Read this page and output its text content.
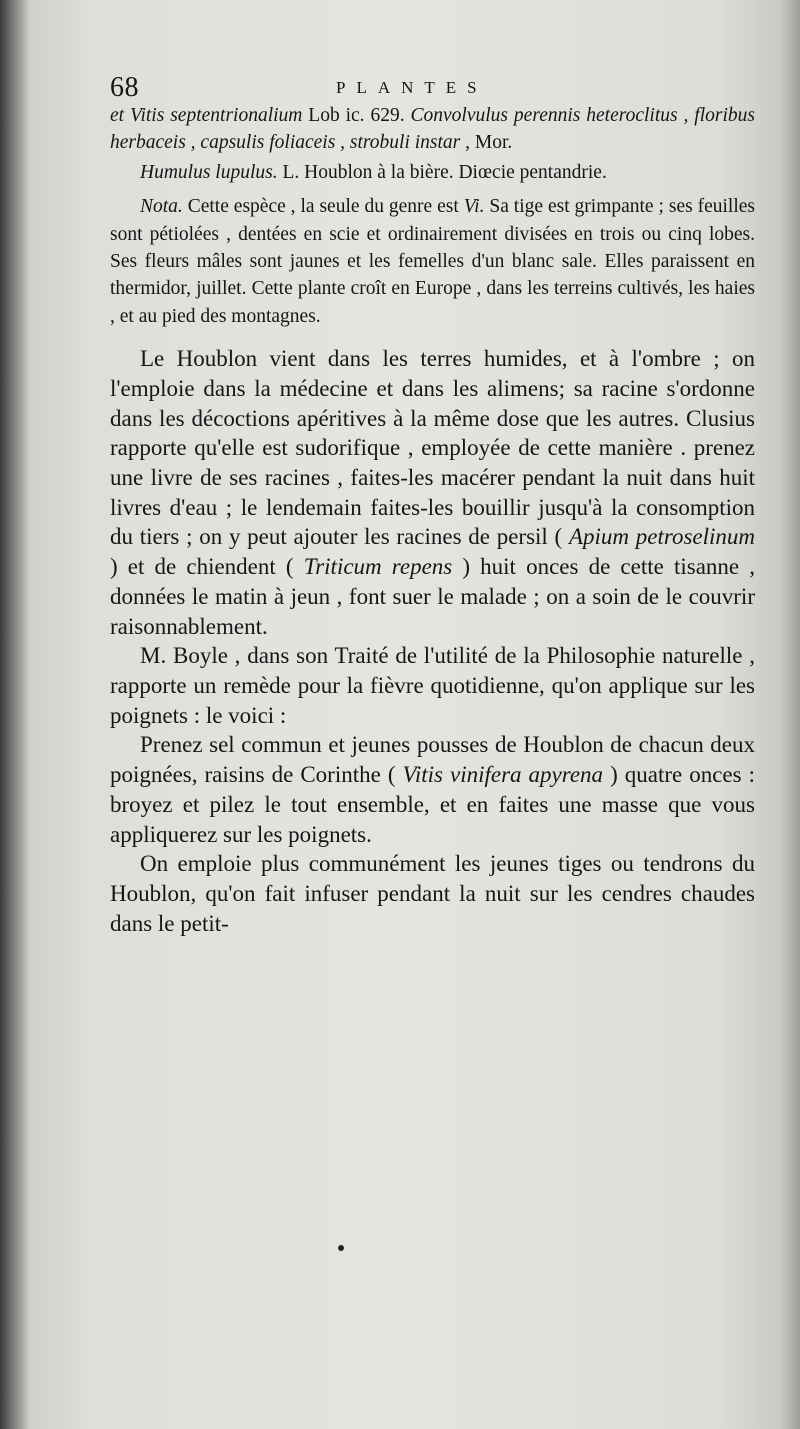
68	PLANTES

et Vitis septentrionalium Lob ic. 629. Convolvulus perennis heteroclitus , floribus herbaceis , capsulis foliaceis , strobuli instar , Mor.

Humulus lupulus. L. Houblon à la bière. Diœcie pentandrie.

Nota. Cette espèce , la seule du genre est Vi. Sa tige est grimpante ; ses feuilles sont pétiolées , dentées en scie et ordinairement divisées en trois ou cinq lobes. Ses fleurs mâles sont jaunes et les femelles d'un blanc sale. Elles paraissent en thermidor, juillet. Cette plante croît en Europe , dans les terreins cultivés, les haies , et au pied des montagnes.

Le Houblon vient dans les terres humides, et à l'ombre ; on l'emploie dans la médecine et dans les alimens; sa racine s'ordonne dans les décoctions apéritives à la même dose que les autres. Clusius rapporte qu'elle est sudorifique , employée de cette manière . prenez une livre de ses racines , faites-les macérer pendant la nuit dans huit livres d'eau ; le lendemain faites-les bouillir jusqu'à la consomption du tiers ; on y peut ajouter les racines de persil ( Apium petroselinum ) et de chiendent ( Triticum repens ) huit onces de cette tisanne , données le matin à jeun , font suer le malade ; on a soin de le couvrir raisonnablement.

M. Boyle , dans son Traité de l'utilité de la Philosophie naturelle , rapporte un remède pour la fièvre quotidienne, qu'on applique sur les poignets : le voici :

Prenez sel commun et jeunes pousses de Houblon de chacun deux poignées, raisins de Corinthe ( Vitis vinifera apyrena ) quatre onces : broyez et pilez le tout ensemble, et en faites une masse que vous appliquerez sur les poignets.

On emploie plus communément les jeunes tiges ou tendrons du Houblon, qu'on fait infuser pendant la nuit sur les cendres chaudes dans le petit-
